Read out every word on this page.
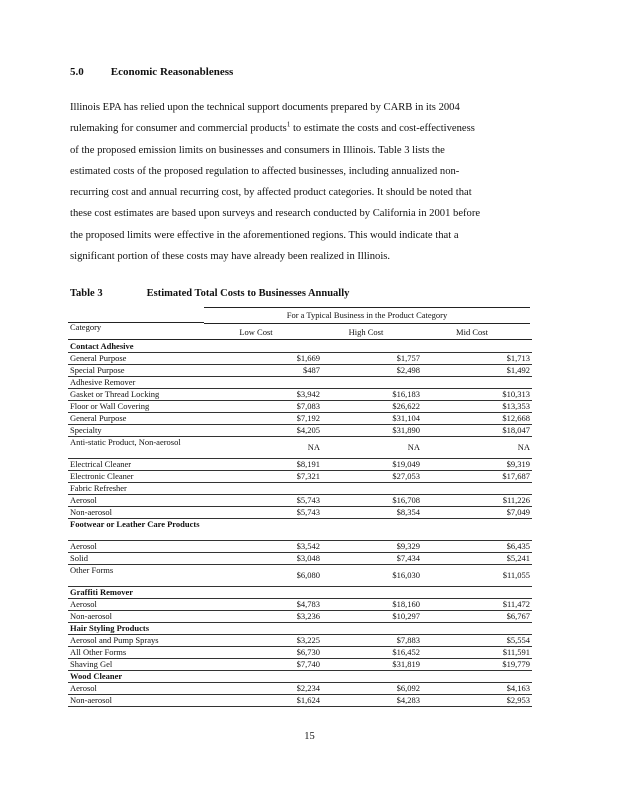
5.0 Economic Reasonableness
Illinois EPA has relied upon the technical support documents prepared by CARB in its 2004
rulemaking for consumer and commercial products$^1$ to estimate the costs and cost-effectiveness
of the proposed emission limits on businesses and consumers in Illinois. Table 3 lists the
estimated costs of the proposed regulation to affected businesses, including annualized non-
recurring cost and annual recurring cost, by affected product categories. It should be noted that
these cost estimates are based upon surveys and research conducted by California in 2001 before
the proposed limits were effective in the aforementioned regions. This would indicate that a
significant portion of these costs may have already been realized in Illinois.
Table 3	Estimated Total Costs to Businesses Annually
For a Typical Business in the Product Category
Category	Low Cost	High Cost	Mid Cost
Contact Adhesive
General Purpose	$1,669	$1,757	$1,713
Special Purpose	$487	$2,498	$1,492
Adhesive Remover
Gasket or Thread Locking	$3,942	$16,183	$10,313
Floor or Wall Covering	$7,083	$26,622	$13,353
General Purpose	$7,192	$31,104	$12,668
Specialty	$4,205	$31,890	$18,047
Anti-static Product, Non-aerosol	NA	NA	NA
Electrical Cleaner	$8,191	$19,049	$9,319
Electronic Cleaner	$7,321	$27,053	$17,687
Fabric Refresher
Aerosol	$5,743	$16,708	$11,226
Non-aerosol	$5,743	$8,354	$7,049
Footwear or Leather Care Products
Aerosol	$3,542	$9,329	$6,435
Solid	$3,048	$7,434	$5,241
Other Forms	$6,080	$16,030	$11,055
Graffiti Remover
Aerosol	$4,783	$18,160	$11,472
Non-aerosol	$3,236	$10,297	$6,767
Hair Styling Products
Aerosol and Pump Sprays	$3,225	$7,883	$5,554
All Other Forms	$6,730	$16,452	$11,591
Shaving Gel	$7,740	$31,819	$19,779
Wood Cleaner
Aerosol	$2,234	$6,092	$4,163
Non-aerosol	$1,624	$4,283	$2,953
15
